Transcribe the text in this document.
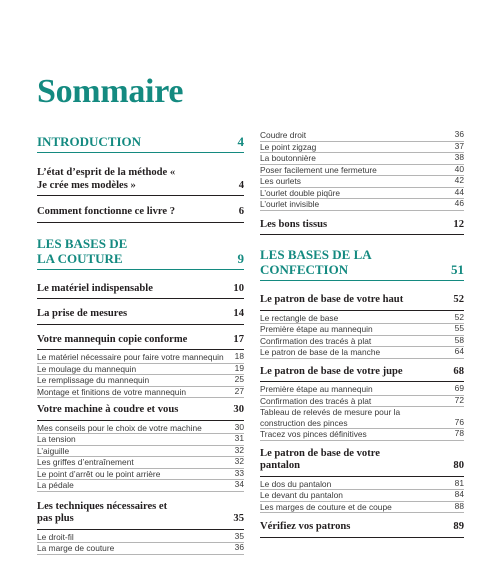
Sommaire
INTRODUCTION	4
L’état d’esprit de la méthode « Je crée mes modèles »	4
Comment fonctionne ce livre ?	6
LES BASES DE LA COUTURE	9
Le matériel indispensable	10
La prise de mesures	14
Votre mannequin copie conforme	17
Le matériel nécessaire pour faire votre mannequin	18
Le moulage du mannequin	19
Le remplissage du mannequin	25
Montage et finitions de votre mannequin	27
Votre machine à coudre et vous	30
Mes conseils pour le choix de votre machine	30
La tension	31
L’aiguille	32
Les griffes d’entraînement	32
Le point d’arrêt ou le point arrière	33
La pédale	34
Les techniques nécessaires et pas plus	35
Le droit-fil	35
La marge de couture	36
Coudre droit	36
Le point zigzag	37
La boutonnière	38
Poser facilement une fermeture	40
Les ourlets	42
L’ourlet double piqûre	44
L’ourlet invisible	46
Les bons tissus	12
LES BASES DE LA CONFECTION	51
Le patron de base de votre haut	52
Le rectangle de base	52
Première étape au mannequin	55
Confirmation des tracés à plat	58
Le patron de base de la manche	64
Le patron de base de votre jupe	68
Première étape au mannequin	69
Confirmation des tracés à plat	72
Tableau de relevés de mesure pour la construction des pinces	76
Tracez vos pinces définitives	78
Le patron de base de votre pantalon	80
Le dos du pantalon	81
Le devant du pantalon	84
Les marges de couture et de coupe	88
Vérifiez vos patrons	89
